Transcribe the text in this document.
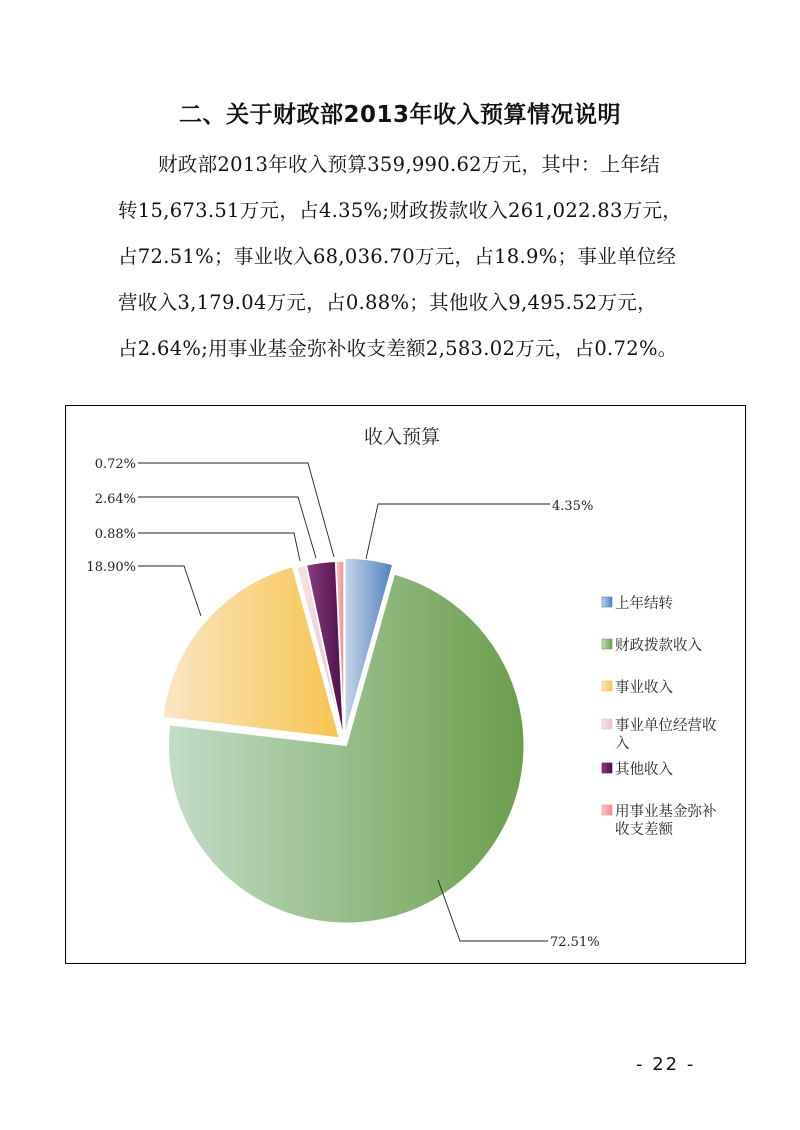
二、关于财政部2013年收入预算情况说明
财政部2013年收入预算359,990.62万元，其中：上年结
转15,673.51万元，占4.35%;财政拨款收入261,022.83万元，
占72.51%；事业收入68,036.70万元，占18.9%；事业单位经
营收入3,179.04万元，占0.88%；其他收入9,495.52万元，
占2.64%;用事业基金弥补收支差额2,583.02万元，占0.72%。
收入预算
4.35%
72.51%
18.90%
0.88%
2.64%
0.72%
上年结转
财政拨款收入
事业收入
事业单位经营收
入
其他收入
用事业基金弥补
收支差额
- 22 -
